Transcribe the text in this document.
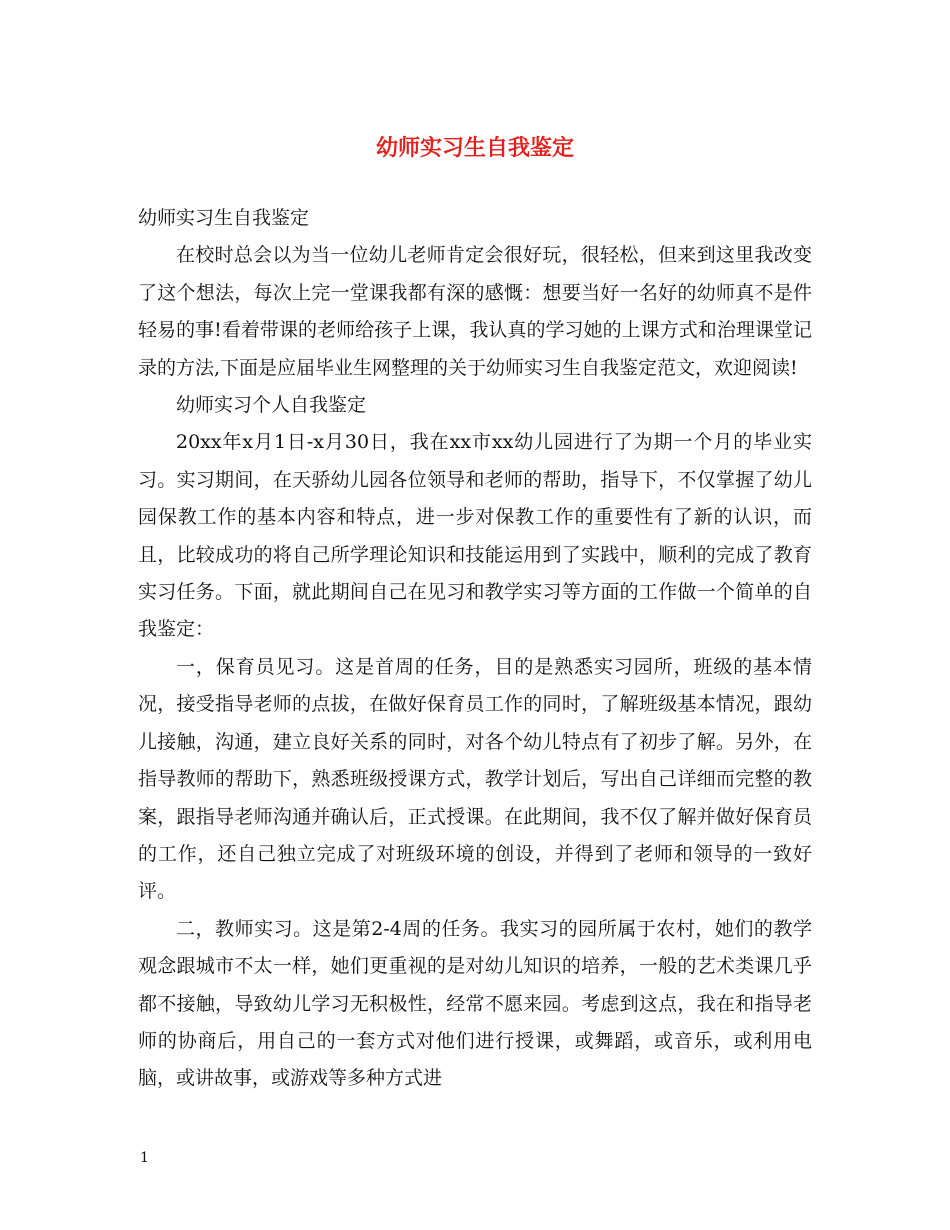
幼师实习生自我鉴定

幼师实习生自我鉴定

在校时总会以为当一位幼儿老师肯定会很好玩，很轻松，但来到这里我改变了这个想法，每次上完一堂课我都有深的感慨：想要当好一名好的幼师真不是件轻易的事!看着带课的老师给孩子上课，我认真的学习她的上课方式和治理课堂记录的方法,下面是应届毕业生网整理的关于幼师实习生自我鉴定范文，欢迎阅读!

幼师实习个人自我鉴定

20xx年x月1日-x月30日，我在xx市xx幼儿园进行了为期一个月的毕业实习。实习期间，在天骄幼儿园各位领导和老师的帮助，指导下，不仅掌握了幼儿园保教工作的基本内容和特点，进一步对保教工作的重要性有了新的认识，而且，比较成功的将自己所学理论知识和技能运用到了实践中，顺利的完成了教育实习任务。下面，就此期间自己在见习和教学实习等方面的工作做一个简单的自我鉴定：

一，保育员见习。这是首周的任务，目的是熟悉实习园所，班级的基本情况，接受指导老师的点拔，在做好保育员工作的同时，了解班级基本情况，跟幼儿接触，沟通，建立良好关系的同时，对各个幼儿特点有了初步了解。另外，在指导教师的帮助下，熟悉班级授课方式，教学计划后，写出自己详细而完整的教案，跟指导老师沟通并确认后，正式授课。在此期间，我不仅了解并做好保育员的工作，还自己独立完成了对班级环境的创设，并得到了老师和领导的一致好评。

二，教师实习。这是第2-4周的任务。我实习的园所属于农村，她们的教学观念跟城市不太一样，她们更重视的是对幼儿知识的培养，一般的艺术类课几乎都不接触，导致幼儿学习无积极性，经常不愿来园。考虑到这点，我在和指导老师的协商后，用自己的一套方式对他们进行授课，或舞蹈，或音乐，或利用电脑，或讲故事，或游戏等多种方式进

1
